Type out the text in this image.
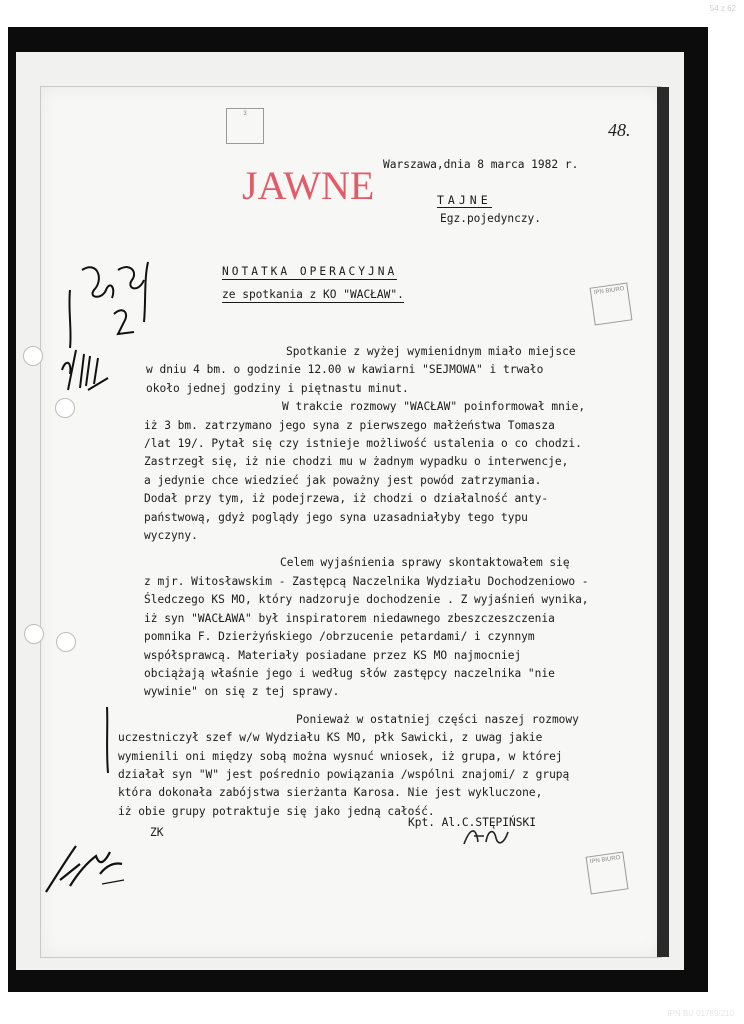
54 z 62
IPN BU 01789/210
3
IPN BIURO
IPN BIURO
48.
JAWNE Warszawa,dnia 8 marca 1982 r.
TAJNE
Egz.pojedynczy.
NOTATKA OPERACYJNA
ze spotkania z KO "WACŁAW".

Spotkanie z wyżej wymienidnym miało miejsce
w dniu 4 bm. o godzinie 12.00 w kawiarni "SEJMOWA" i trwało
około jednej godziny i piętnastu minut.

W trakcie rozmowy "WACŁAW" poinformował mnie,
iż 3 bm. zatrzymano jego syna z pierwszego małżeństwa Tomasza
/lat 19/. Pytał się czy istnieje możliwość ustalenia o co chodzi.
Zastrzegł się, iż nie chodzi mu w żadnym wypadku o interwencje,
a jedynie chce wiedzieć jak poważny jest powód zatrzymania.
Dodał przy tym, iż podejrzewa, iż chodzi o działalność anty-
państwową, gdyż poglądy jego syna uzasadniałyby tego typu
wyczyny.

Celem wyjaśnienia sprawy skontaktowałem się
z mjr. Witosławskim - Zastępcą Naczelnika Wydziału Dochodzeniowo -
Śledczego KS MO, który nadzoruje dochodzenie . Z wyjaśnień wynika,
iż syn "WACŁAWA" był inspiratorem niedawnego zbeszczeszczenia
pomnika F. Dzierżyńskiego /obrzucenie petardami/ i czynnym
współsprawcą. Materiały posiadane przez KS MO najmocniej
obciążają właśnie jego i według słów zastępcy naczelnika "nie
wywinie" on się z tej sprawy.

Ponieważ w ostatniej części naszej rozmowy
uczestniczył szef w/w Wydziału KS MO, płk Sawicki, z uwag jakie
wymienili oni między sobą można wysnuć wniosek, iż grupa, w której
działał syn "W" jest pośrednio powiązania /wspólni znajomi/ z grupą
która dokonała zabójstwa sierżanta Karosa. Nie jest wykluczone,
iż obie grupy potraktuje się jako jedną całość.

Kpt. Al.C.STĘPIŃSKI
ZK
